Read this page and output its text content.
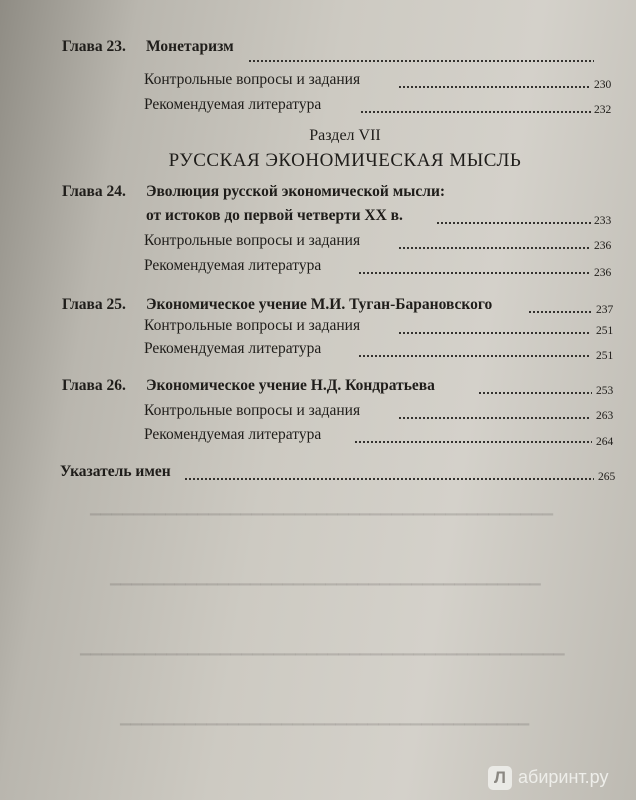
▁▁▁▁▁▁▁▁▁▁▁▁▁▁▁▁▁▁▁▁▁▁▁▁▁▁▁▁▁▁▁▁▁▁▁▁▁▁▁▁▁▁▁
▁▁▁▁▁▁▁▁▁▁▁▁▁▁▁▁▁▁▁▁▁▁▁▁▁▁▁▁▁▁▁▁▁▁▁▁▁▁▁▁
▁▁▁▁▁▁▁▁▁▁▁▁▁▁▁▁▁▁▁▁▁▁▁▁▁▁▁▁▁▁▁▁▁▁▁▁▁▁▁▁▁▁▁▁▁
▁▁▁▁▁▁▁▁▁▁▁▁▁▁▁▁▁▁▁▁▁▁▁▁▁▁▁▁▁▁▁▁▁▁▁▁▁▁
Глава 23. Монетаризм
Контрольные вопросы и задания	230
Рекомендуемая литература	232
Раздел VII
РУССКАЯ ЭКОНОМИЧЕСКАЯ МЫСЛЬ
Глава 24. Эволюция русской экономической мысли:
от истоков до первой четверти XX в.	233
Контрольные вопросы и задания	236
Рекомендуемая литература	236
Глава 25. Экономическое учение М.И. Туган-Барановского	237
Контрольные вопросы и задания	251
Рекомендуемая литература	251
Глава 26. Экономическое учение Н.Д. Кондратьева	253
Контрольные вопросы и задания	263
Рекомендуемая литература	264
Указатель имен	265
Л абиринт.ру
